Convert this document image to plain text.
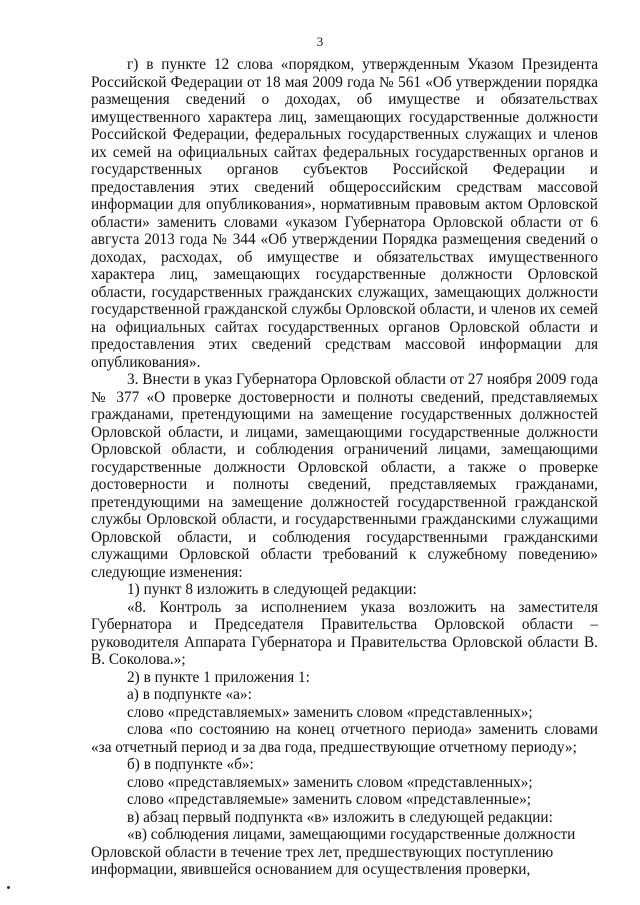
3

г) в пункте 12 слова «порядком, утвержденным Указом Президента Российской Федерации от 18 мая 2009 года № 561 «Об утверждении порядка размещения сведений о доходах, об имуществе и обязательствах имущественного характера лиц, замещающих государственные должности Российской Федерации, федеральных государственных служащих и членов их семей на официальных сайтах федеральных государственных органов и государственных органов субъектов Российской Федерации и предоставления этих сведений общероссийским средствам массовой информации для опубликования», нормативным правовым актом Орловской области» заменить словами «указом Губернатора Орловской области от 6 августа 2013 года № 344 «Об утверждении Порядка размещения сведений о доходах, расходах, об имуществе и обязательствах имущественного характера лиц, замещающих государственные должности Орловской области, государственных гражданских служащих, замещающих должности государственной гражданской службы Орловской области, и членов их семей на официальных сайтах государственных органов Орловской области и предоставления этих сведений средствам массовой информации для опубликования».

3. Внести в указ Губернатора Орловской области от 27 ноября 2009 года № 377 «О проверке достоверности и полноты сведений, представляемых гражданами, претендующими на замещение государственных должностей Орловской области, и лицами, замещающими государственные должности Орловской области, и соблюдения ограничений лицами, замещающими государственные должности Орловской области, а также о проверке достоверности и полноты сведений, представляемых гражданами, претендующими на замещение должностей государственной гражданской службы Орловской области, и государственными гражданскими служащими Орловской области, и соблюдения государственными гражданскими служащими Орловской области требований к служебному поведению» следующие изменения:

1) пункт 8 изложить в следующей редакции:

«8. Контроль за исполнением указа возложить на заместителя Губернатора и Председателя Правительства Орловской области – руководителя Аппарата Губернатора и Правительства Орловской области В. В. Соколова.»;

2) в пункте 1 приложения 1:

а) в подпункте «а»:

слово «представляемых» заменить словом «представленных»;

слова «по состоянию на конец отчетного периода» заменить словами «за отчетный период и за два года, предшествующие отчетному периоду»;

б) в подпункте «б»:

слово «представляемых» заменить словом «представленных»;

слово «представляемые» заменить словом «представленные»;

в) абзац первый подпункта «в» изложить в следующей редакции:

«в) соблюдения лицами, замещающими государственные должности Орловской области в течение трех лет, предшествующих поступлению информации, явившейся основанием для осуществления проверки,
